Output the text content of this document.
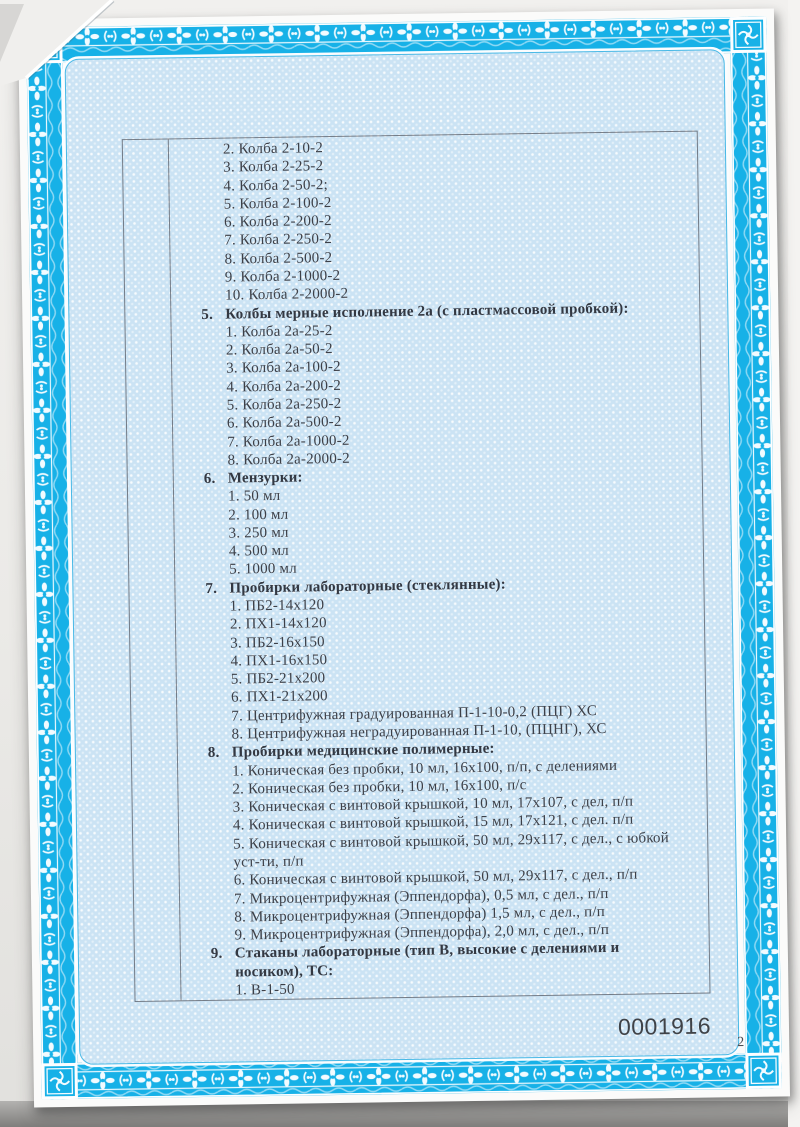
2. Колба 2-10-2
3. Колба 2-25-2
4. Колба 2-50-2;
5. Колба 2-100-2
6. Колба 2-200-2
7. Колба 2-250-2
8. Колба 2-500-2
9. Колба 2-1000-2
10. Колба 2-2000-2
5. Колбы мерные исполнение 2а (с пластмассовой пробкой):
1. Колба 2а-25-2
2. Колба 2а-50-2
3. Колба 2а-100-2
4. Колба 2а-200-2
5. Колба 2а-250-2
6. Колба 2а-500-2
7. Колба 2а-1000-2
8. Колба 2а-2000-2
6. Мензурки:
1. 50 мл
2. 100 мл
3. 250 мл
4. 500 мл
5. 1000 мл
7. Пробирки лабораторные (стеклянные):
1. ПБ2-14х120
2. ПХ1-14х120
3. ПБ2-16х150
4. ПХ1-16х150
5. ПБ2-21х200
6. ПХ1-21х200
7. Центрифужная градуированная П-1-10-0,2 (ПЦГ) ХС
8. Центрифужная неградуированная П-1-10, (ПЦНГ), ХС
8. Пробирки медицинские полимерные:
1. Коническая без пробки, 10 мл, 16х100, п/п, с делениями
2. Коническая без пробки, 10 мл, 16х100, п/с
3. Коническая с винтовой крышкой, 10 мл, 17х107, с дел, п/п
4. Коническая с винтовой крышкой, 15 мл, 17х121, с дел. п/п
5. Коническая с винтовой крышкой, 50 мл, 29х117, с дел., с юбкой
уст-ти, п/п
6. Коническая с винтовой крышкой, 50 мл, 29х117, с дел., п/п
7. Микроцентрифужная (Эппендорфа), 0,5 мл, с дел., п/п
8. Микроцентрифужная (Эппендорфа) 1,5 мл, с дел., п/п
9. Микроцентрифужная (Эппендорфа), 2,0 мл, с дел., п/п
9. Стаканы лабораторные (тип В, высокие с делениями и
носиком), ТС:
1. В-1-50
0001916
2
